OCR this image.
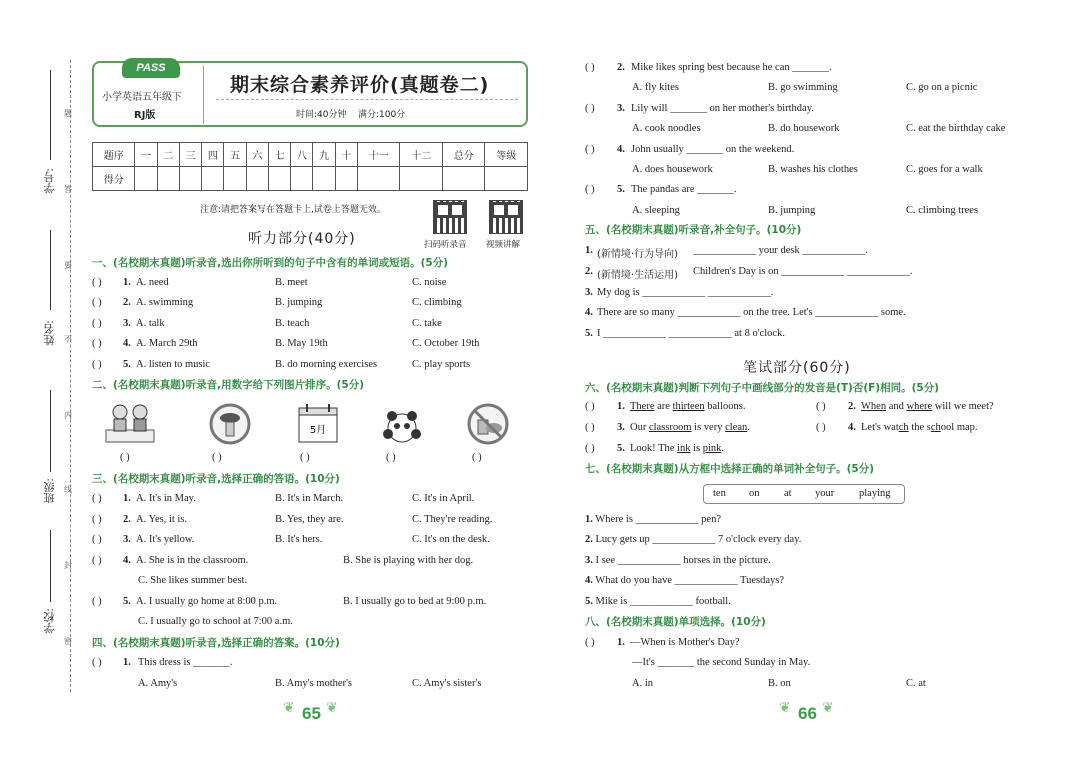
学号:
姓名:
班级:
学校:
题
答
要
不
内
线
封
密
PASS
小学英语五年级下
RJ版
期末综合素养评价(真题卷二)
时间:40分钟 满分:100分
题序	一	二	三	四	五	六	七	八	九	十	十一	十二	总分	等级
得分														
注意:请把答案写在答题卡上,试卷上答题无效。
扫码听录音 视频讲解
听力部分(40分)
一、(名校期末真题)听录音,选出你所听到的句子中含有的单词或短语。(5分)
( ) 1. A. need	B. meet	C. noise
( ) 2. A. swimming	B. jumping	C. climbing
( ) 3. A. talk	B. teach	C. take
( ) 4. A. March 29th	B. May 19th	C. October 19th
( ) 5. A. listen to music	B. do morning exercises	C. play sports
二、(名校期末真题)听录音,用数字给下列图片排序。(5分)
5月
( )	( )	( )	( )	( )
三、(名校期末真题)听录音,选择正确的答语。(10分)
( ) 1. A. It's in May.	B. It's in March.	C. It's in April.
( ) 2. A. Yes, it is.	B. Yes, they are.	C. They're reading.
( ) 3. A. It's yellow.	B. It's hers.	C. It's on the desk.
( ) 4. A. She is in the classroom.	B. She is playing with her dog.
C. She likes summer best.
( ) 5. A. I usually go home at 8:00 p.m.	B. I usually go to bed at 9:00 p.m.
C. I usually go to school at 7:00 a.m.
四、(名校期末真题)听录音,选择正确的答案。(10分)
( ) 1. This dress is _______.
A. Amy's	B. Amy's mother's	C. Amy's sister's
( ) 2. Mike likes spring best because he can _______.
A. fly kites	B. go swimming	C. go on a picnic
( ) 3. Lily will _______ on her mother's birthday.
A. cook noodles	B. do housework	C. eat the birthday cake
( ) 4. John usually _______ on the weekend.
A. does housework	B. washes his clothes	C. goes for a walk
( ) 5. The pandas are _______.
A. sleeping	B. jumping	C. climbing trees
五、(名校期末真题)听录音,补全句子。(10分)
1. (新情境·行为导向) ____________ your desk ____________.
2. (新情境·生活运用) Children's Day is on ____________ ____________.
3. My dog is ____________ ____________.
4. There are so many ____________ on the tree. Let's ____________ some.
5. I ____________ ____________ at 8 o'clock.
笔试部分(60分)
六、(名校期末真题)判断下列句子中画线部分的发音是(T)否(F)相同。(5分)
( ) 1. There are thirteen balloons.	( ) 2. When and where will we meet?
( ) 3. Our classroom is very clean.	( ) 4. Let's watch the school map.
( ) 5. Look! The ink is pink.
七、(名校期末真题)从方框中选择正确的单词补全句子。(5分)
ten on at your playing
1. Where is ____________ pen?
2. Lucy gets up ____________ 7 o'clock every day.
3. I see ____________ horses in the picture.
4. What do you have ____________ Tuesdays?
5. Mike is ____________ football.
八、(名校期末真题)单项选择。(10分)
( ) 1. —When is Mother's Day?
—It's _______ the second Sunday in May.
A. in	B. on	C. at
❦ 65 ❦	❦ 66 ❦
